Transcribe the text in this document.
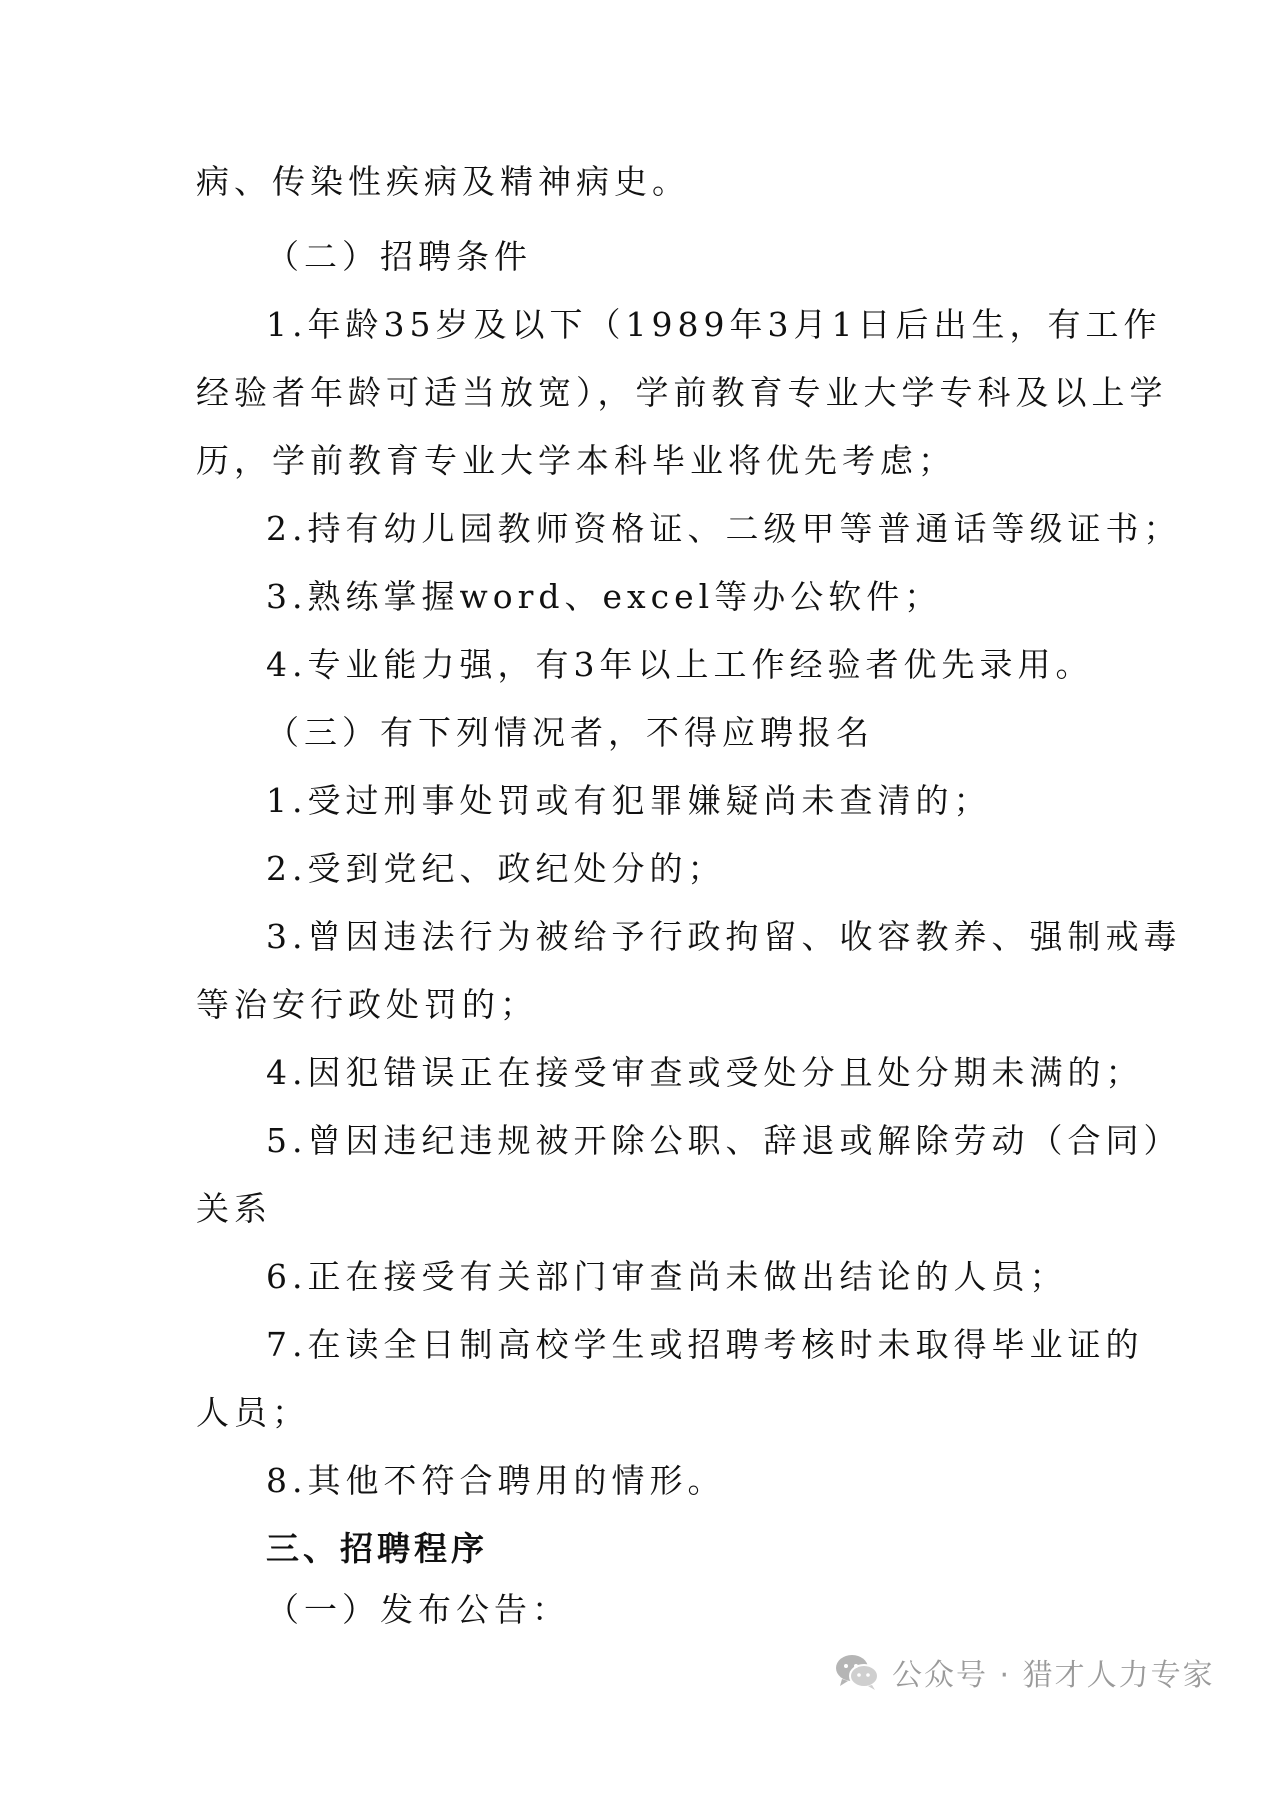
病、传染性疾病及精神病史。
（二）招聘条件
1.年龄35岁及以下（1989年3月1日后出生，有工作
经验者年龄可适当放宽），学前教育专业大学专科及以上学
历，学前教育专业大学本科毕业将优先考虑；
2.持有幼儿园教师资格证、二级甲等普通话等级证书；
3.熟练掌握word、excel等办公软件；
4.专业能力强，有3年以上工作经验者优先录用。
（三）有下列情况者，不得应聘报名
1.受过刑事处罚或有犯罪嫌疑尚未查清的；
2.受到党纪、政纪处分的；
3.曾因违法行为被给予行政拘留、收容教养、强制戒毒
等治安行政处罚的；
4.因犯错误正在接受审查或受处分且处分期未满的；
5.曾因违纪违规被开除公职、辞退或解除劳动（合同）
关系
6.正在接受有关部门审查尚未做出结论的人员；
7.在读全日制高校学生或招聘考核时未取得毕业证的
人员；
8.其他不符合聘用的情形。
三、招聘程序
（一）发布公告：
公众号 · 猎才人力专家
